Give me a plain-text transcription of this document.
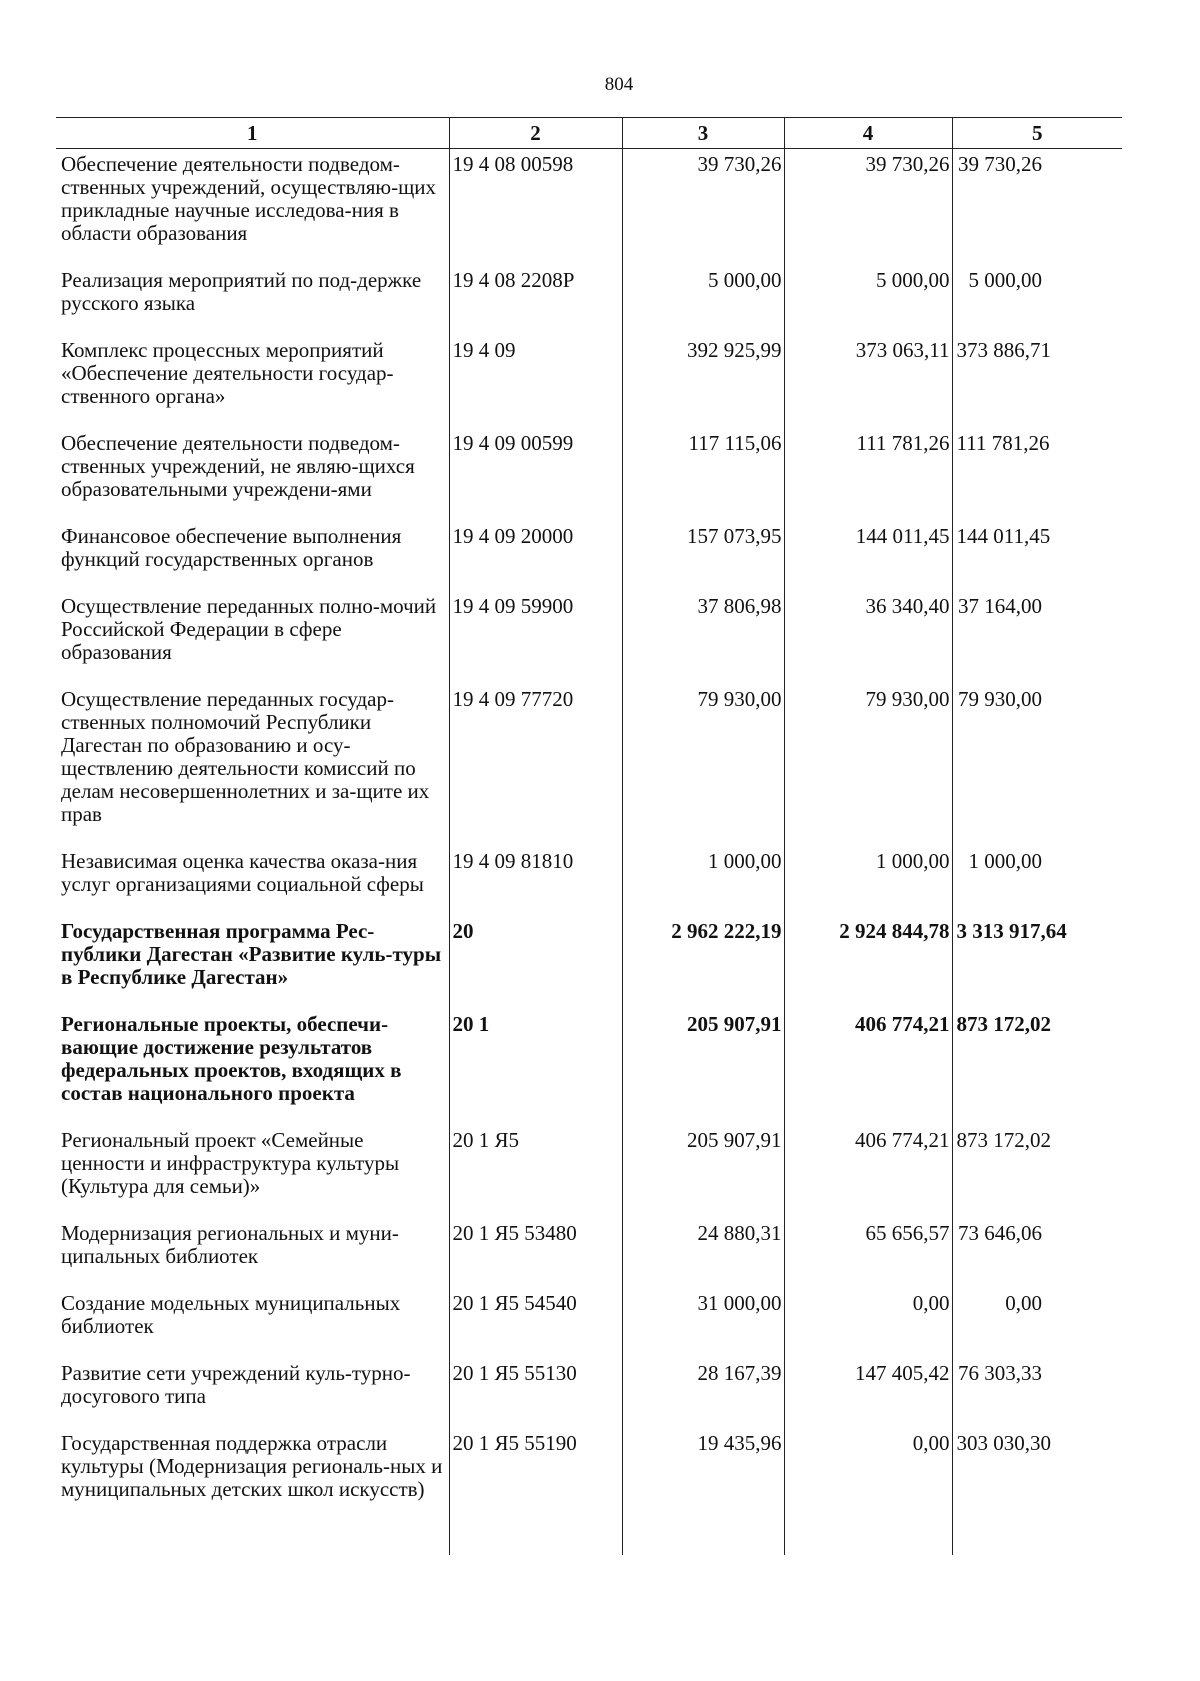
804
1	2	3	4	5
Обеспечение деятельности подведом-ственных учреждений, осуществляю-щих прикладные научные исследова-ния в области образования	19 4 08 00598	39 730,26	39 730,26	39 730,26
Реализация мероприятий по под-держке русского языка	19 4 08 2208P	5 000,00	5 000,00	5 000,00
Комплекс процессных мероприятий «Обеспечение деятельности государ-ственного органа»	19 4 09	392 925,99	373 063,11	373 886,71
Обеспечение деятельности подведом-ственных учреждений, не являю-щихся образовательными учреждени-ями	19 4 09 00599	117 115,06	111 781,26	111 781,26
Финансовое обеспечение выполнения функций государственных органов	19 4 09 20000	157 073,95	144 011,45	144 011,45
Осуществление переданных полно-мочий Российской Федерации в сфере образования	19 4 09 59900	37 806,98	36 340,40	37 164,00
Осуществление переданных государ-ственных полномочий Республики Дагестан по образованию и осу-ществлению деятельности комиссий по делам несовершеннолетних и за-щите их прав	19 4 09 77720	79 930,00	79 930,00	79 930,00
Независимая оценка качества оказа-ния услуг организациями социальной сферы	19 4 09 81810	1 000,00	1 000,00	1 000,00
Государственная программа Рес-публики Дагестан «Развитие куль-туры в Республике Дагестан»	20	2 962 222,19	2 924 844,78	3 313 917,64
Региональные проекты, обеспечи-вающие достижение результатов федеральных проектов, входящих в состав национального проекта	20 1	205 907,91	406 774,21	873 172,02
Региональный проект «Семейные ценности и инфраструктура культуры (Культура для семьи)»	20 1 Я5	205 907,91	406 774,21	873 172,02
Модернизация региональных и муни-ципальных библиотек	20 1 Я5 53480	24 880,31	65 656,57	73 646,06
Создание модельных муниципальных библиотек	20 1 Я5 54540	31 000,00	0,00	0,00
Развитие сети учреждений куль-турно-досугового типа	20 1 Я5 55130	28 167,39	147 405,42	76 303,33
Государственная поддержка отрасли культуры (Модернизация региональ-ных и муниципальных детских школ искусств)	20 1 Я5 55190	19 435,96	0,00	303 030,30
